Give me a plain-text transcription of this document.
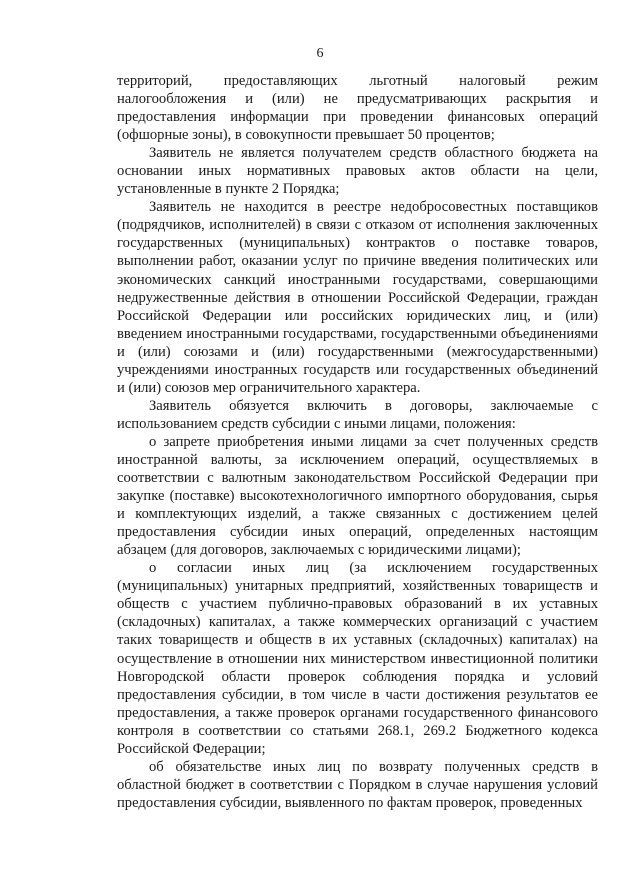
6

территорий, предоставляющих льготный налоговый режим налогообложения и (или) не предусматривающих раскрытия и предоставления информации при проведении финансовых операций (офшорные зоны), в совокупности превышает 50 процентов;

Заявитель не является получателем средств областного бюджета на основании иных нормативных правовых актов области на цели, установленные в пункте 2 Порядка;

Заявитель не находится в реестре недобросовестных поставщиков (подрядчиков, исполнителей) в связи с отказом от исполнения заключенных государственных (муниципальных) контрактов о поставке товаров, выполнении работ, оказании услуг по причине введения политических или экономических санкций иностранными государствами, совершающими недружественные действия в отношении Российской Федерации, граждан Российской Федерации или российских юридических лиц, и (или) введением иностранными государствами, государственными объединениями и (или) союзами и (или) государственными (межгосударственными) учреждениями иностранных государств или государственных объединений и (или) союзов мер ограничительного характера.

Заявитель обязуется включить в договоры, заключаемые с использованием средств субсидии с иными лицами, положения:

о запрете приобретения иными лицами за счет полученных средств иностранной валюты, за исключением операций, осуществляемых в соответствии с валютным законодательством Российской Федерации при закупке (поставке) высокотехнологичного импортного оборудования, сырья и комплектующих изделий, а также связанных с достижением целей предоставления субсидии иных операций, определенных настоящим абзацем (для договоров, заключаемых с юридическими лицами);

о согласии иных лиц (за исключением государственных (муниципальных) унитарных предприятий, хозяйственных товариществ и обществ с участием публично-правовых образований в их уставных (складочных) капиталах, а также коммерческих организаций с участием таких товариществ и обществ в их уставных (складочных) капиталах) на осуществление в отношении них министерством инвестиционной политики Новгородской области проверок соблюдения порядка и условий предоставления субсидии, в том числе в части достижения результатов ее предоставления, а также проверок органами государственного финансового контроля в соответствии со статьями 268.1, 269.2 Бюджетного кодекса Российской Федерации;

об обязательстве иных лиц по возврату полученных средств в областной бюджет в соответствии с Порядком в случае нарушения условий предоставления субсидии, выявленного по фактам проверок, проведенных
